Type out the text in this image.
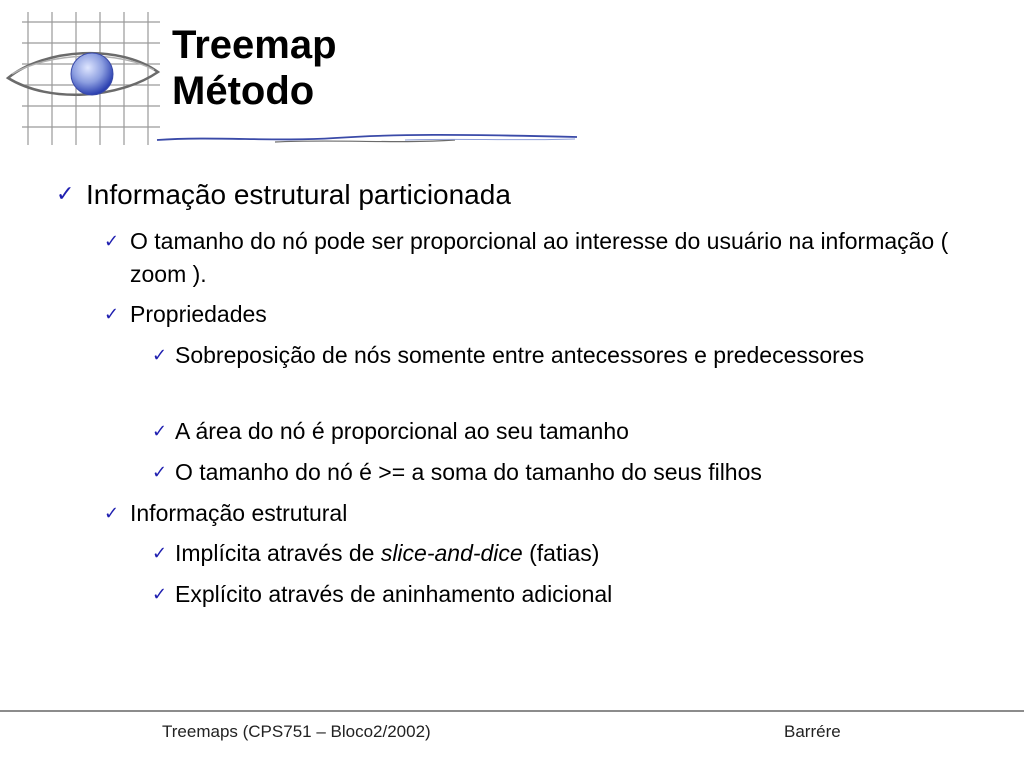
Treemap
Método
✓ Informação estrutural particionada
✓ O tamanho do nó pode ser proporcional ao interesse do usuário na informação ( zoom ).
✓ Propriedades
✓ Sobreposição de nós somente entre antecessores e predecessores
✓ A área do nó é proporcional ao seu tamanho
✓ O tamanho do nó é >= a soma do tamanho do seus filhos
✓ Informação estrutural
✓ Implícita através de slice-and-dice (fatias)
✓ Explícito através de aninhamento adicional
Treemaps (CPS751 – Bloco2/2002)	Barrére
